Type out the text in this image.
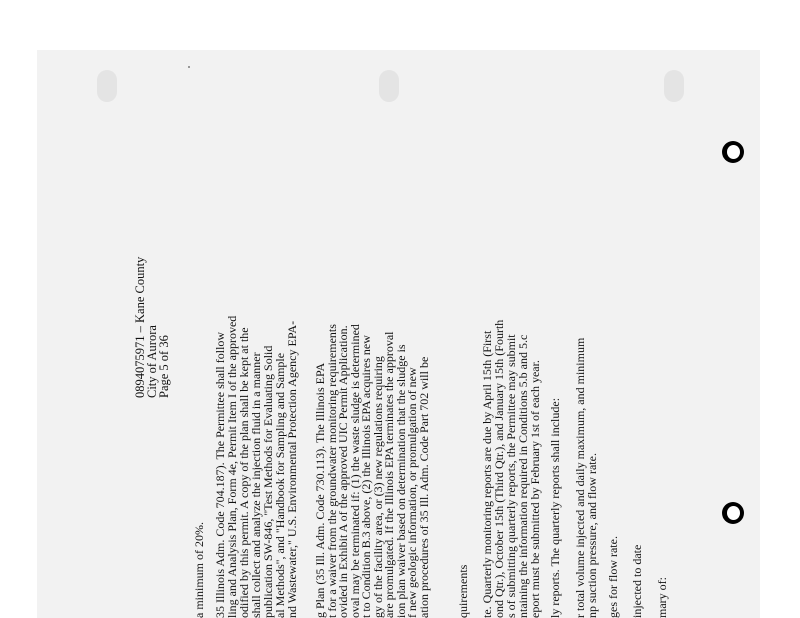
0894075971 – Kane County
City of Aurora
Page 5 of 36
a minimum of 20%. 35 Illinois Adm. Code 704.187). The Permittee shall follow
ling and Analysis Plan, Form 4e, Permit Item I of the approved
odified by this permit. A copy of the plan shall be kept at the
shall collect and analyze the injection fluid in a manner
publication SW-846, "Test Methods for Evaluating Solid
al Methods", and "Handbook for Sampling and Sample
nd Wastewater," U.S. Environmental Protection Agency EPA- g Plan (35 Ill. Adm. Code 730.113). The Illinois EPA
t for a waiver from the groundwater monitoring requirements
ovided in Exhibit A of the approved UIC Permit Application.
oval may be terminated if: (1) the waste sludge is determined
t to Condition B.3 above, (2) the Illinois EPA acquires new
gy of the facility area, or (3) new regulations requiring
are promulgated. If the Illinois EPA terminates the approval
ion plan waiver based on determination that the sludge is
f new geologic information, or promulgation of new
ation procedures of 35 Ill. Adm. Code Part 702 will be quirements te. Quarterly monitoring reports are due by April 15th (First
ond Qtr.), October 15th (Third Qtr.), and January 15th (Fourth
s of submitting quarterly reports, the Permittee may submit
ntaining the information required in Conditions 5.b and 5.c
eport must be submitted by February 1st of each year. ly reports. The quarterly reports shall include: r total volume injected and daily maximum, and minimum
np suction pressure, and flow rate. ges for flow rate. injected to date mary of:
